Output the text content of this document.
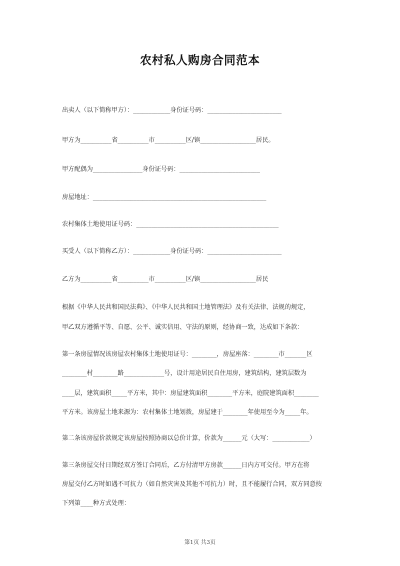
农村私人购房合同范本
出卖人（以下简称甲方）：____________身份证号码：________________________
甲方为__________省__________市__________区/镇__________________居民。
甲方配偶为________________身份证号码：__________________________
房屋地址：________________________________________________________
农村集体土地使用证号码：______________________________________________
买受人（以下简称乙方）：____________身份证号码：________________________
乙方为__________省__________市__________区/镇__________________居民
根据《中华人民共和国民法典》、《中华人民共和国土地管理法》及有关法律、法规的规定，
甲乙双方遵循平等、自愿、公平、诚实信用、守法的原则，经协商一致，达成如下条款：
第一条房屋情况该房屋农村集体土地使用证号：________，房屋座落：________市_______区
________村________路_____________号，设计用途居民自住用房，建筑结构，建筑层数为
____层，建筑面积_____平方米，其中：房屋建筑面积________平方米，庭院建筑面积________
平方米。该房屋土地来源为：农村集体土地划拨，房屋建于________年使用至今为_____年。
第二条该房屋价款规定该房屋按照协商以总价计算，价款为______元（大写：____________）
第三条房屋交付日期经双方签订合同后，乙方付清甲方房款______日内方可交付。甲方在将
房屋交付乙方时如遇不可抗力（如自然灾害及其他不可抗力）时，且不能履行合同，双方同意按
下列第____种方式处理：
第1页 共3页
